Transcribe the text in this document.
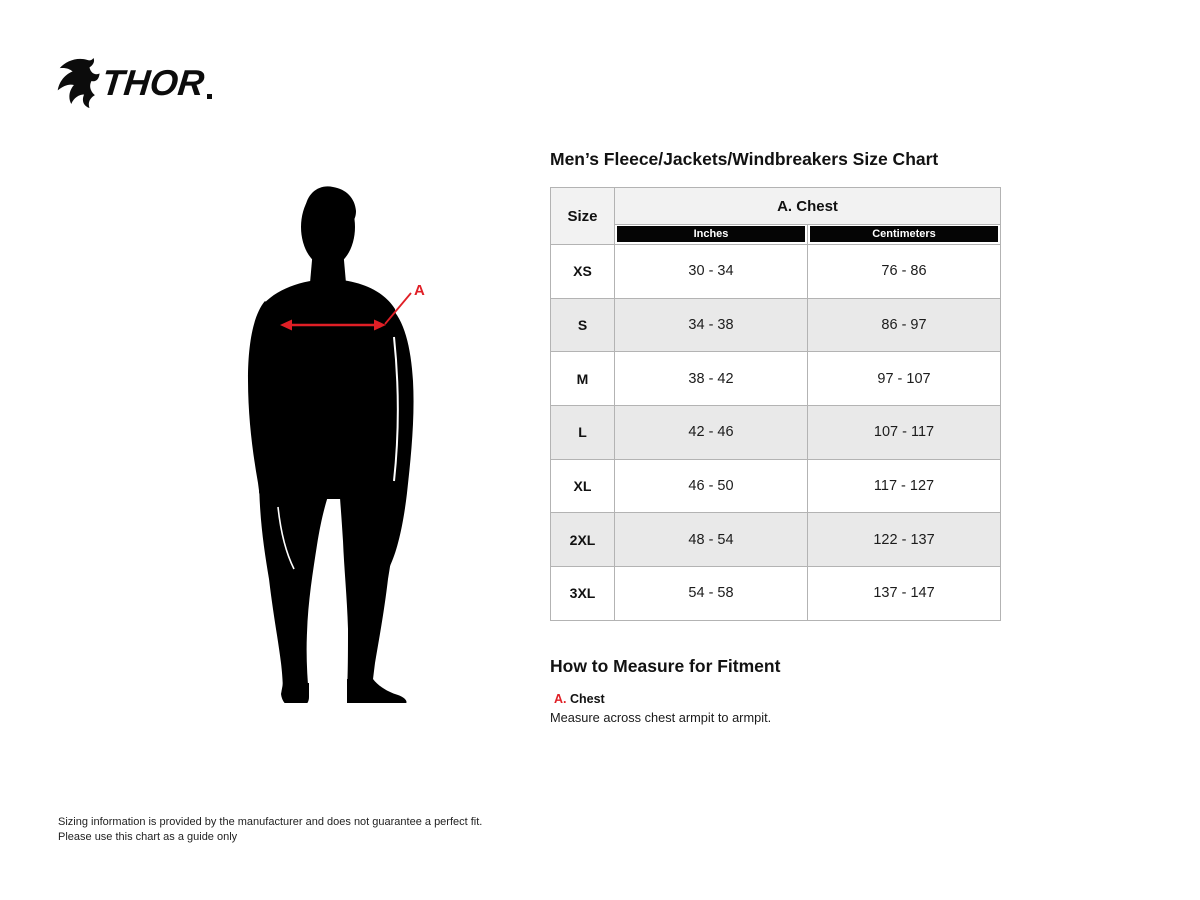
THOR
A
Men’s Fleece/Jackets/Windbreakers Size Chart
Size	A. Chest	

	Inches	Centimeters

XS	30 - 34	76 - 86
S	34 - 38	86 - 97
M	38 - 42	97 - 107
L	42 - 46	107 - 117
XL	46 - 50	117 - 127
2XL	48 - 54	122 - 137
3XL	54 - 58	137 - 147
How to Measure for Fitment
A. Chest
Measure across chest armpit to armpit.
Sizing information is provided by the manufacturer and does not guarantee a perfect fit.
Please use this chart as a guide only
